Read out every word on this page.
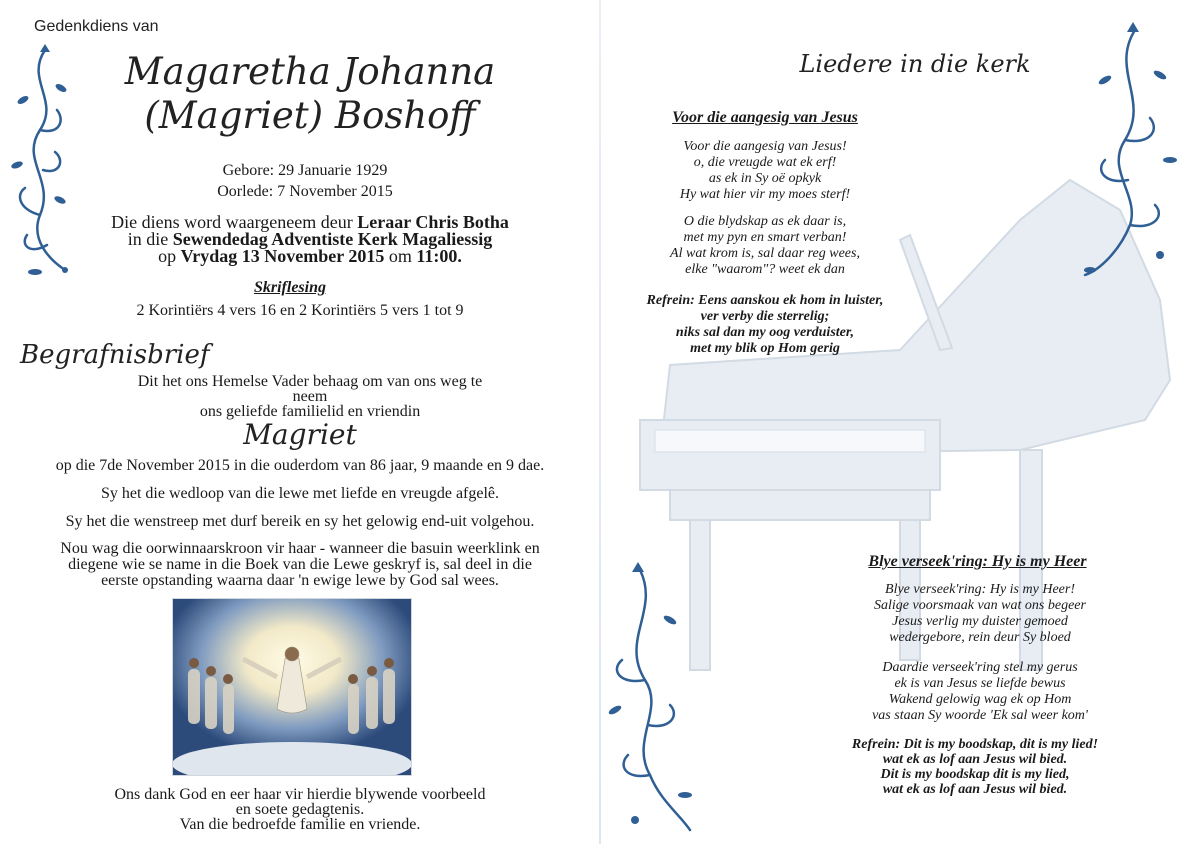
Gedenkdiens van
Magaretha Johanna
(Magriet) Boshoff
Gebore: 29 Januarie 1929
Oorlede: 7 November 2015
Die diens word waargeneem deur Leraar Chris Botha
in die Sewendedag Adventiste Kerk Magaliessig
op Vrydag 13 November 2015 om 11:00.
Skriflesing
2 Korintiërs 4 vers 16 en 2 Korintiërs 5 vers 1 tot 9
Begrafnisbrief
Dit het ons Hemelse Vader behaag om van ons weg te neem
ons geliefde familielid en vriendin
Magriet
op die 7de November 2015 in die ouderdom van 86 jaar, 9 maande en 9 dae.
Sy het die wedloop van die lewe met liefde en vreugde afgelê.
Sy het die wenstreep met durf bereik en sy het gelowig end-uit volgehou.
Nou wag die oorwinnaarskroon vir haar - wanneer die basuin weerklink en
diegene wie se name in die Boek van die Lewe geskryf is, sal deel in die
eerste opstanding waarna daar 'n ewige lewe by God sal wees.
Ons dank God en eer haar vir hierdie blywende voorbeeld
en soete gedagtenis.
Van die bedroefde familie en vriende.
Liedere in die kerk
Voor die aangesig van Jesus
Voor die aangesig van Jesus!
o, die vreugde wat ek erf!
as ek in Sy oë opkyk
Hy wat hier vir my moes sterf!
O die blydskap as ek daar is,
met my pyn en smart verban!
Al wat krom is, sal daar reg wees,
elke "waarom"? weet ek dan
Refrein: Eens aanskou ek hom in luister,
ver verby die sterrelig;
niks sal dan my oog verduister,
met my blik op Hom gerig
Blye verseek'ring: Hy is my Heer
Blye verseek'ring: Hy is my Heer!
Salige voorsmaak van wat ons begeer
Jesus verlig my duister gemoed
wedergebore, rein deur Sy bloed
Daardie verseek'ring stel my gerus
ek is van Jesus se liefde bewus
Wakend gelowig wag ek op Hom
vas staan Sy woorde 'Ek sal weer kom'
Refrein: Dit is my boodskap, dit is my lied!
wat ek as lof aan Jesus wil bied.
Dit is my boodskap dit is my lied,
wat ek as lof aan Jesus wil bied.
